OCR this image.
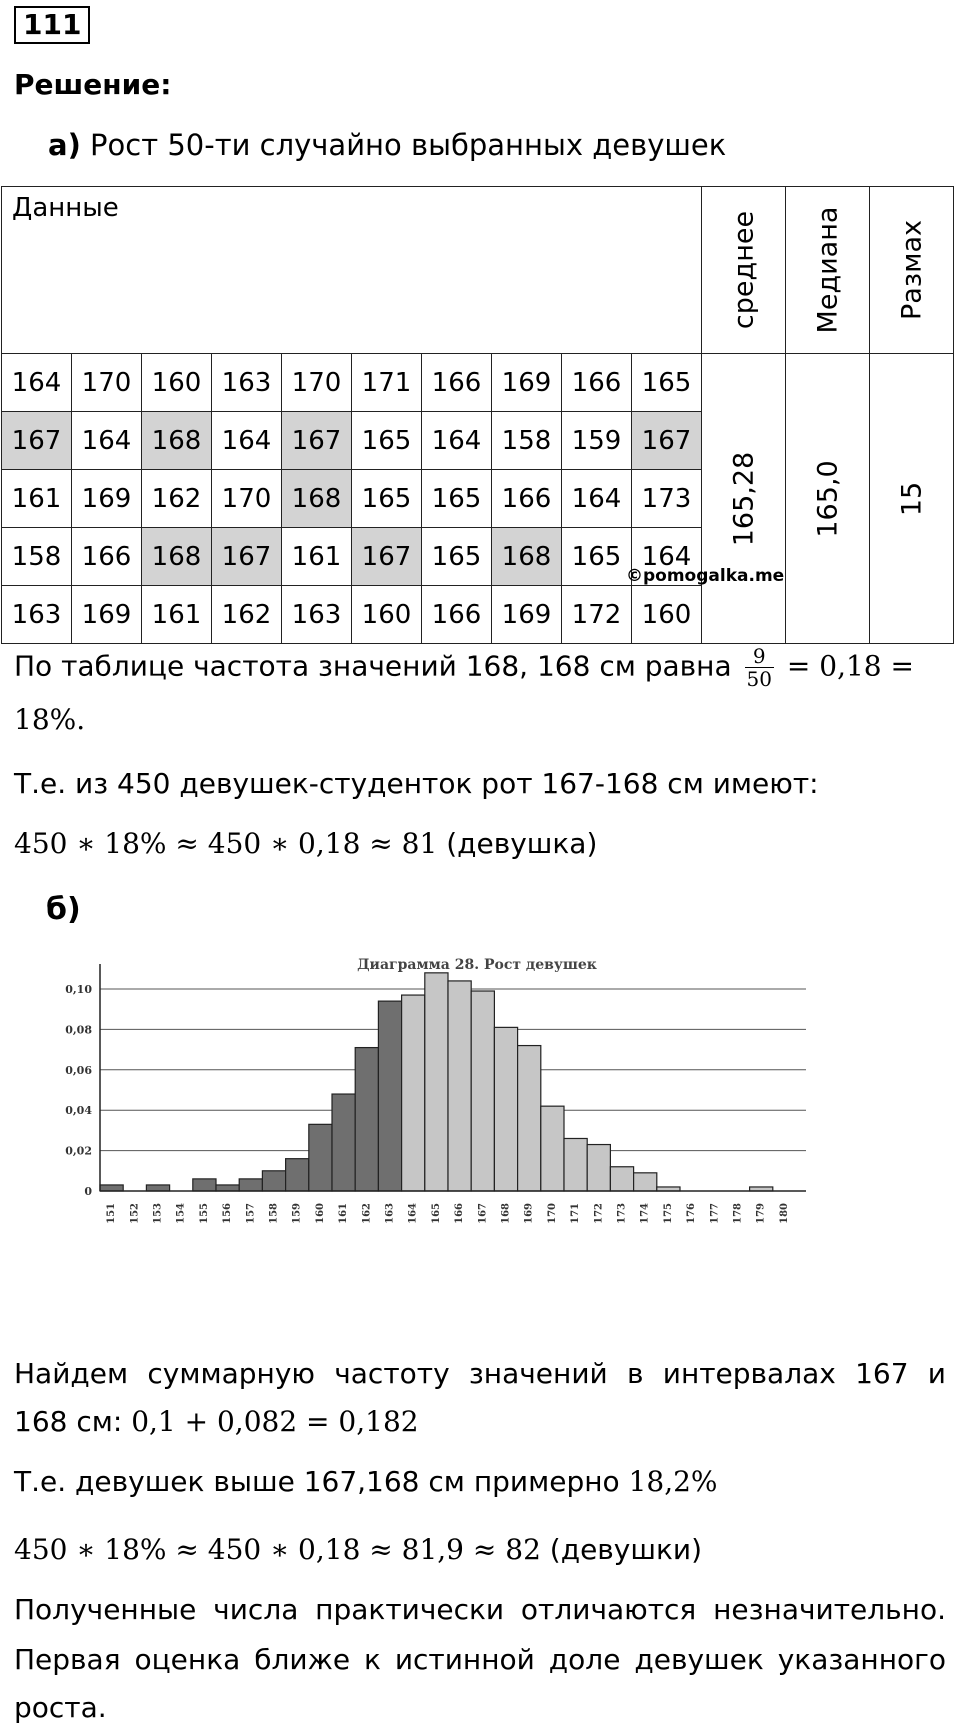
111
Решение:
а) Рост 50-ти случайно выбранных девушек
Данные										среднее	Медиана	Размах

164	170	160	163	170	171	166	169	166	165	165,28	165,0	15

167	164	168	164	167	165	164	158	159	167			
161	169	162	170	168	165	165	166	164	173			
158	166	168	167	161	167	165	168	165	164
©pomogalka.me			

163	169	161	162	163	160	166	169	172	160			
По таблице частота значений 168, 168 см равна $\frac{9}{50} = 0,18$ =
18%.
Т.е. из 450 девушек-студенток рот 167-168 см имеют:
450 ∗ 18% ≈ 450 ∗ 0,18 ≈ 81 (девушка)
б)
Диаграмма 28. Рост девушек
0
0,02
0,04
0,06
0,08
0,10
151 152 153 154 155 156 157 158 159 160 161 162 163 164 165 166 167 168 169 170 171 172 173 174 175 176 177 178 179 180
Найдем суммарную частоту значений в интервалах 167 и
168 см: 0,1 + 0,082 = 0,182
Т.е. девушек выше 167,168 см примерно 18,2%
450 ∗ 18% ≈ 450 ∗ 0,18 ≈ 81,9 ≈ 82 (девушки)
Полученные числа практически отличаются незначительно.
Первая оценка ближе к истинной доле девушек указанного
роста.
